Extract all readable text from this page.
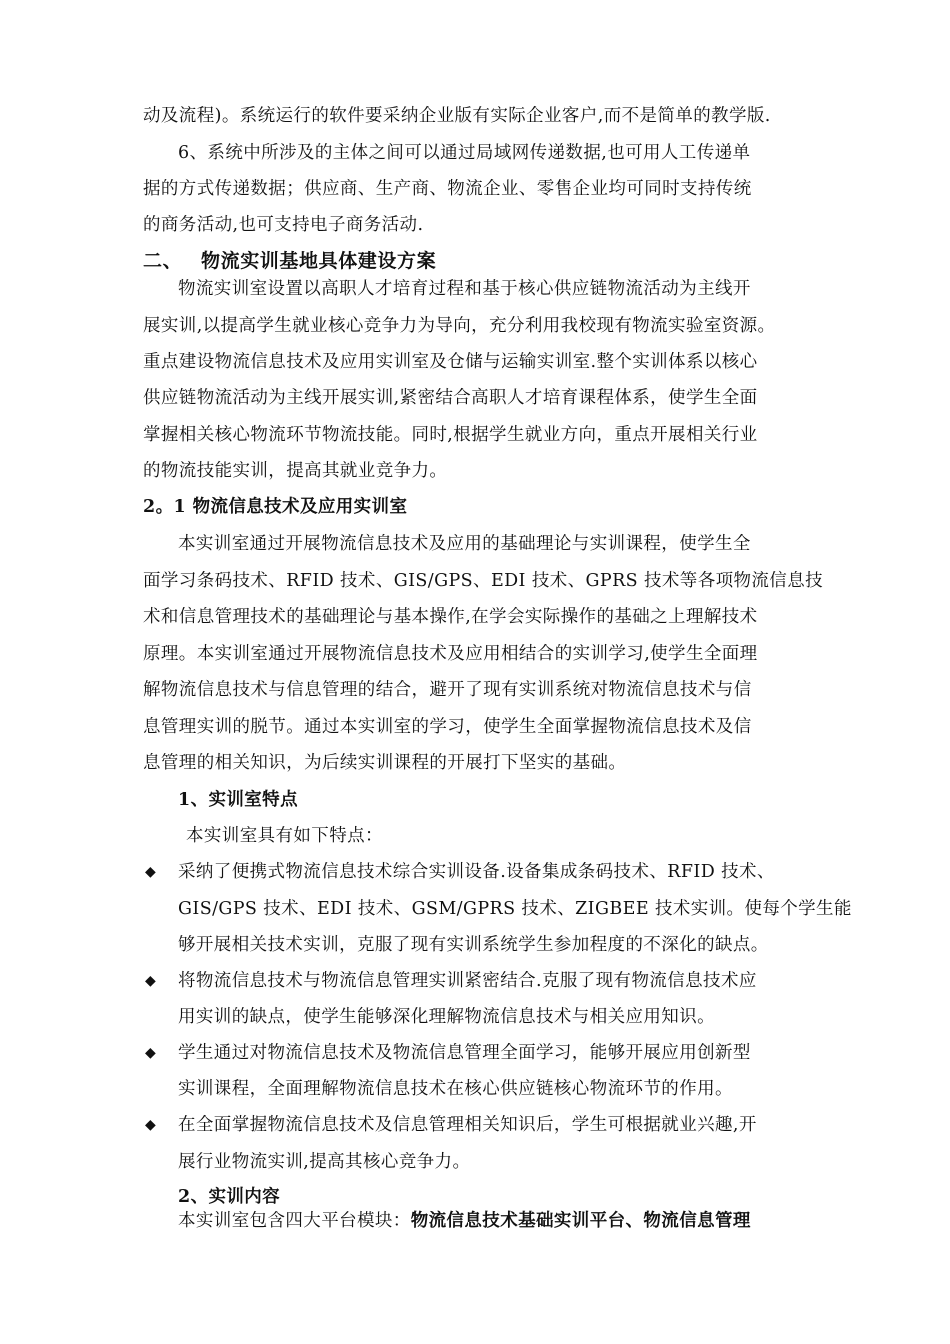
动及流程)。系统运行的软件要采纳企业版有实际企业客户,而不是简单的教学版.
6、系统中所涉及的主体之间可以通过局域网传递数据,也可用人工传递单
据的方式传递数据；供应商、生产商、物流企业、零售企业均可同时支持传统
的商务活动,也可支持电子商务活动.
二、 物流实训基地具体建设方案
物流实训室设置以高职人才培育过程和基于核心供应链物流活动为主线开
展实训,以提高学生就业核心竞争力为导向，充分利用我校现有物流实验室资源。
重点建设物流信息技术及应用实训室及仓储与运输实训室.整个实训体系以核心
供应链物流活动为主线开展实训,紧密结合高职人才培育课程体系，使学生全面
掌握相关核心物流环节物流技能。同时,根据学生就业方向，重点开展相关行业
的物流技能实训，提高其就业竞争力。
2。1 物流信息技术及应用实训室
本实训室通过开展物流信息技术及应用的基础理论与实训课程，使学生全
面学习条码技术、RFID 技术、GIS/GPS、EDI 技术、GPRS 技术等各项物流信息技
术和信息管理技术的基础理论与基本操作,在学会实际操作的基础之上理解技术
原理。本实训室通过开展物流信息技术及应用相结合的实训学习,使学生全面理
解物流信息技术与信息管理的结合，避开了现有实训系统对物流信息技术与信
息管理实训的脱节。通过本实训室的学习，使学生全面掌握物流信息技术及信
息管理的相关知识，为后续实训课程的开展打下坚实的基础。
1、实训室特点
本实训室具有如下特点：
◆ 采纳了便携式物流信息技术综合实训设备.设备集成条码技术、RFID 技术、
GIS/GPS 技术、EDI 技术、GSM/GPRS 技术、ZIGBEE 技术实训。使每个学生能
够开展相关技术实训，克服了现有实训系统学生参加程度的不深化的缺点。
◆ 将物流信息技术与物流信息管理实训紧密结合.克服了现有物流信息技术应
用实训的缺点，使学生能够深化理解物流信息技术与相关应用知识。
◆ 学生通过对物流信息技术及物流信息管理全面学习，能够开展应用创新型
实训课程，全面理解物流信息技术在核心供应链核心物流环节的作用。
◆ 在全面掌握物流信息技术及信息管理相关知识后，学生可根据就业兴趣,开
展行业物流实训,提高其核心竞争力。
2、实训内容
本实训室包含四大平台模块：物流信息技术基础实训平台、物流信息管理
